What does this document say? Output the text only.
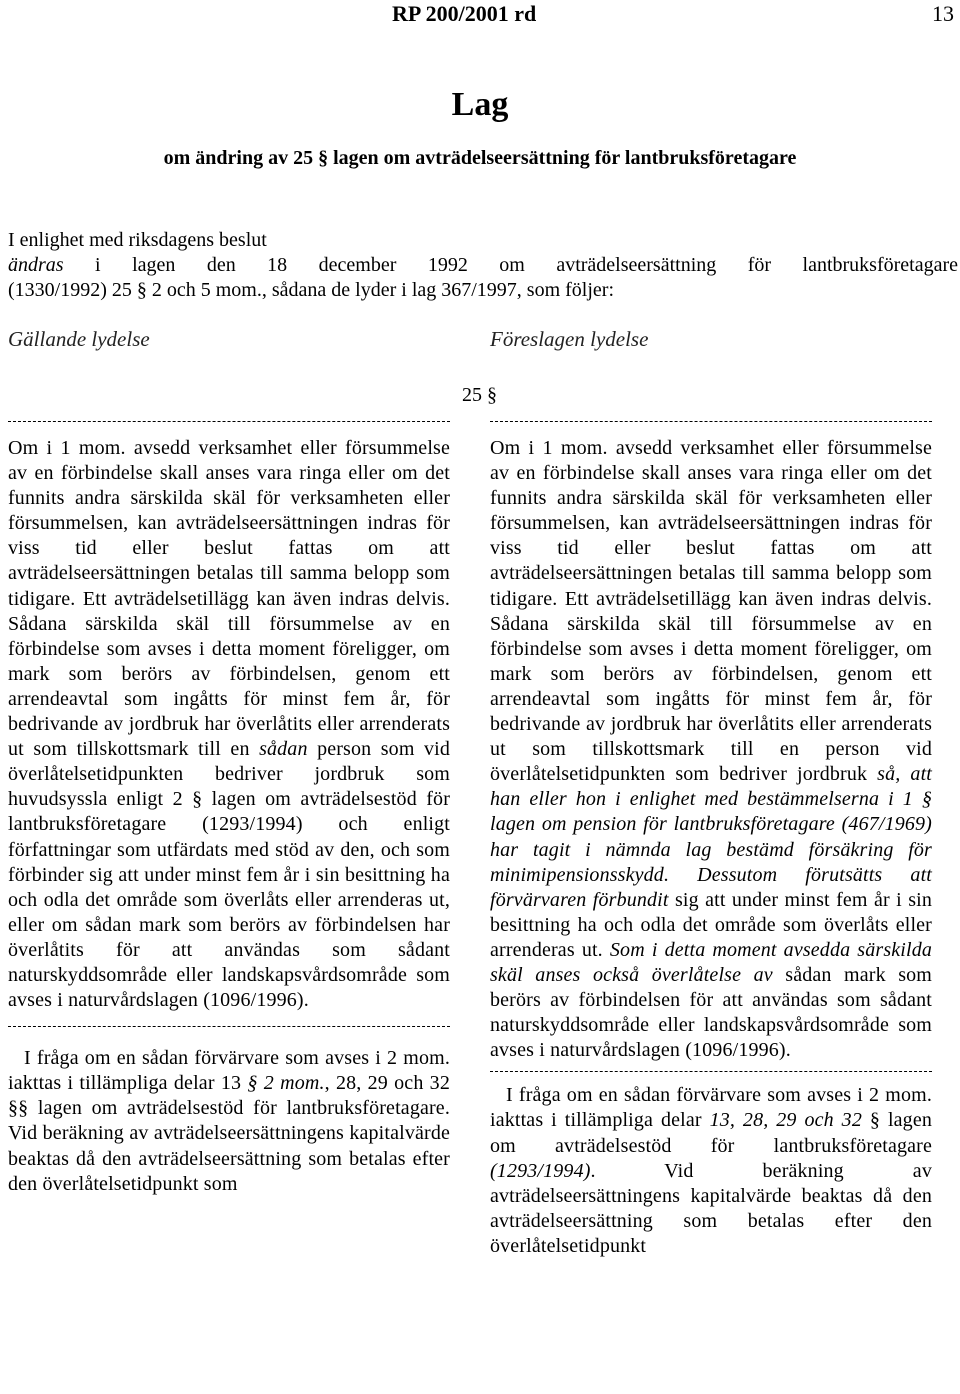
RP 200/2001 rd	13
Lag
om ändring av 25 § lagen om avträdelseersättning för lantbruksföretagare

I enlighet med riksdagens beslut

ändras i lagen den 18 december 1992 om avträdelseersättning för lantbruksföretagare

(1330/1992) 25 § 2 och 5 mom., sådana de lyder i lag 367/1997, som följer:

Gällande lydelse	Föreslagen lydelse
25 §

Om i 1 mom. avsedd verksamhet eller försummelse av en förbindelse skall anses vara ringa eller om det funnits andra särskilda skäl för verksamheten eller försummelsen, kan avträdelseersättningen indras för viss tid eller beslut fattas om att avträdelseersättningen betalas till samma belopp som tidigare. Ett avträdelsetillägg kan även indras delvis. Sådana särskilda skäl till försummelse av en förbindelse som avses i detta moment föreligger, om mark som berörs av förbindelsen, genom ett arrendeavtal som ingåtts för minst fem år, för bedrivande av jordbruk har överlåtits eller arrenderats ut som tillskottsmark till en sådan person som vid överlåtelsetidpunkten bedriver jordbruk som huvudsyssla enligt 2 § lagen om avträdelsestöd för lantbruksföretagare (1293/1994) och enligt författningar som utfärdats med stöd av den, och som förbinder sig att under minst fem år i sin besittning ha och odla det område som överlåts eller arrenderas ut, eller om sådan mark som berörs av förbindelsen har överlåtits för att användas som sådant naturskyddsområde eller landskapsvårdsområde som avses i naturvårdslagen (1096/1996).

I fråga om en sådan förvärvare som avses i 2 mom. iakttas i tillämpliga delar 13 § 2 mom., 28, 29 och 32 §§ lagen om avträdelsestöd för lantbruksföretagare. Vid beräkning av avträdelseersättningens kapitalvärde beaktas då den avträdelseersättning som betalas efter den överlåtelsetidpunkt som

Om i 1 mom. avsedd verksamhet eller försummelse av en förbindelse skall anses vara ringa eller om det funnits andra särskilda skäl för verksamheten eller försummelsen, kan avträdelseersättningen indras för viss tid eller beslut fattas om att avträdelseersättningen betalas till samma belopp som tidigare. Ett avträdelsetillägg kan även indras delvis. Sådana särskilda skäl till försummelse av en förbindelse som avses i detta moment föreligger, om mark som berörs av förbindelsen, genom ett arrendeavtal som ingåtts för minst fem år, för bedrivande av jordbruk har överlåtits eller arrenderats ut som tillskottsmark till en person vid överlåtelsetidpunkten som bedriver jordbruk så, att han eller hon i enlighet med bestämmelserna i 1 § lagen om pension för lantbruksföretagare (467/1969) har tagit i nämnda lag bestämd försäkring för minimipensionsskydd. Dessutom förutsätts att förvärvaren förbundit sig att under minst fem år i sin besittning ha och odla det område som överlåts eller arrenderas ut. Som i detta moment avsedda särskilda skäl anses också överlåtelse av sådan mark som berörs av förbindelsen för att användas som sådant naturskyddsområde eller landskapsvårdsområde som avses i naturvårdslagen (1096/1996).

I fråga om en sådan förvärvare som avses i 2 mom. iakttas i tillämpliga delar 13, 28, 29 och 32 § lagen om avträdelsestöd för lantbruksföretagare (1293/1994). Vid beräkning av avträdelseersättningens kapitalvärde beaktas då den avträdelseersättning som betalas efter den överlåtelsetidpunkt
